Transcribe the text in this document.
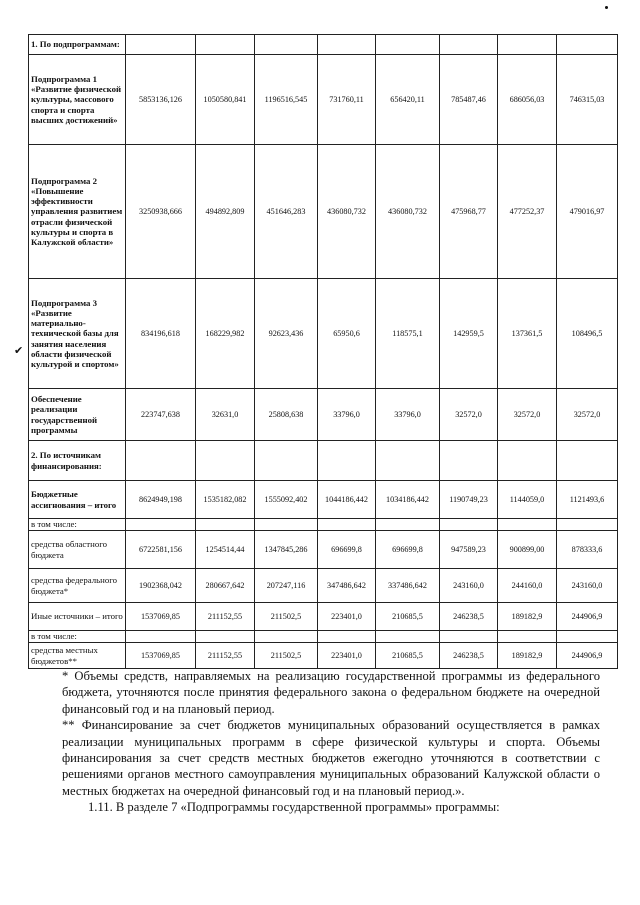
✔
1. По подпрограммам:								
Подпрограмма 1 «Развитие физической культуры, массового спорта и спорта высших достижений»	5853136,126	1050580,841	1196516,545	731760,11	656420,11	785487,46	686056,03	746315,03
Подпрограмма 2 «Повышение эффективности управления развитием отрасли физической культуры и спорта в Калужской области»	3250938,666	494892,809	451646,283	436080,732	436080,732	475968,77	477252,37	479016,97
Подпрограмма 3 «Развитие материально-технической базы для занятия населения области физической культурой и спортом»	834196,618	168229,982	92623,436	65950,6	118575,1	142959,5	137361,5	108496,5
Обеспечение реализации государственной программы	223747,638	32631,0	25808,638	33796,0	33796,0	32572,0	32572,0	32572,0
2. По источникам финансирования:								
Бюджетные ассигнования – итого	8624949,198	1535182,082	1555092,402	1044186,442	1034186,442	1190749,23	1144059,0	1121493,6
в том числе:								
средства областного бюджета	6722581,156	1254514,44	1347845,286	696699,8	696699,8	947589,23	900899,00	878333,6
средства федерального бюджета*	1902368,042	280667,642	207247,116	347486,642	337486,642	243160,0	244160,0	243160,0
Иные источники – итого	1537069,85	211152,55	211502,5	223401,0	210685,5	246238,5	189182,9	244906,9
в том числе:								
средства местных бюджетов**	1537069,85	211152,55	211502,5	223401,0	210685,5	246238,5	189182,9	244906,9

* Объемы средств, направляемых на реализацию государственной программы из федерального бюджета, уточняются после принятия федерального закона о федеральном бюджете на очередной финансовый год и на плановый период.

** Финансирование за счет бюджетов муниципальных образований осуществляется в рамках реализации муниципальных программ в сфере физической культуры и спорта. Объемы финансирования за счет средств местных бюджетов ежегодно уточняются в соответствии с решениями органов местного самоуправления муниципальных образований Калужской области о местных бюджетах на очередной финансовый год и на плановый период.».

1.11. В разделе 7 «Подпрограммы государственной программы» программы:
